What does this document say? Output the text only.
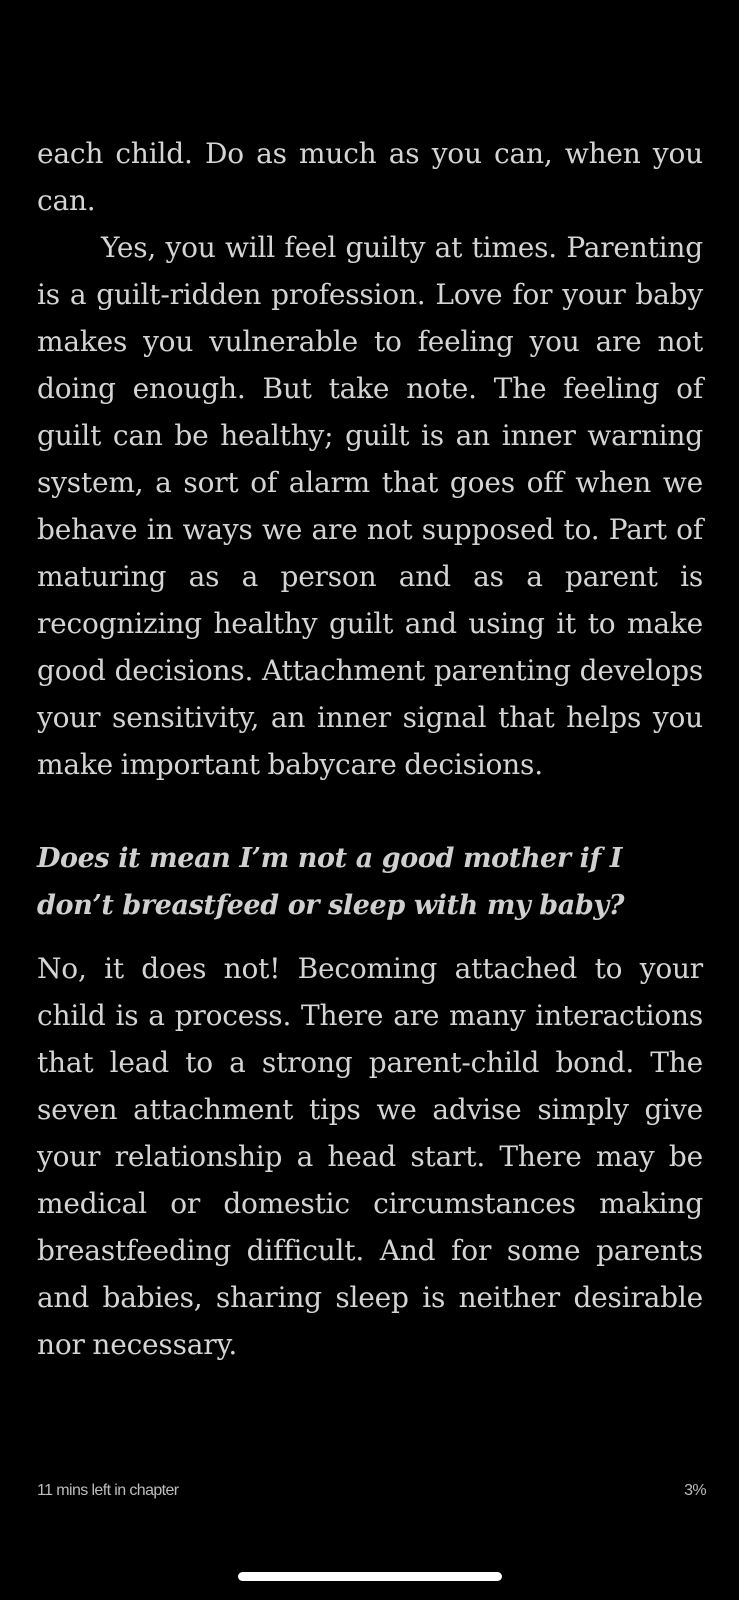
each child. Do as much as you can, when you can.

Yes, you will feel guilty at times. Parenting is a guilt-ridden profession. Love for your baby makes you vulnerable to feeling you are not doing enough. But take note. The feeling of guilt can be healthy; guilt is an inner warning system, a sort of alarm that goes off when we behave in ways we are not supposed to. Part of maturing as a person and as a parent is recognizing healthy guilt and using it to make good decisions. Attachment parenting develops your sensitivity, an inner signal that helps you make important babycare decisions.

Does it mean I’m not a good mother if I don’t breastfeed or sleep with my baby?

No, it does not! Becoming attached to your child is a process. There are many interactions that lead to a strong parent-child bond. The seven attachment tips we advise simply give your relationship a head start. There may be medical or domestic circumstances making breastfeeding difficult. And for some parents and babies, sharing sleep is neither desirable nor necessary.

11 mins left in chapter	3%
